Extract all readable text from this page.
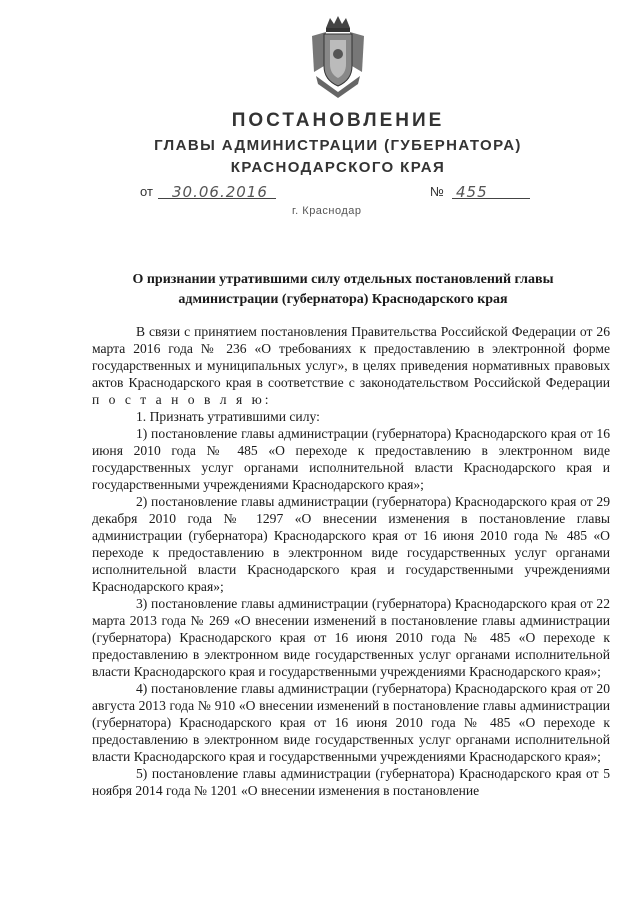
ПОСТАНОВЛЕНИЕ
ГЛАВЫ АДМИНИСТРАЦИИ (ГУБЕРНАТОРА)
КРАСНОДАРСКОГО КРАЯ
от	30.06.2016	№ 455
г. Краснодар
О признании утратившими силу отдельных постановлений главы администрации (губернатора) Краснодарского края

В связи с принятием постановления Правительства Российской Федерации от 26 марта 2016 года № 236 «О требованиях к предоставлению в электронной форме государственных и муниципальных услуг», в целях приведения нормативных правовых актов Краснодарского края в соответствие с законодательством Российской Федерации п о с т а н о в л я ю:

1. Признать утратившими силу:

1) постановление главы администрации (губернатора) Краснодарского края от 16 июня 2010 года № 485 «О переходе к предоставлению в электронном виде государственных услуг органами исполнительной власти Краснодарского края и государственными учреждениями Краснодарского края»;

2) постановление главы администрации (губернатора) Краснодарского края от 29 декабря 2010 года № 1297 «О внесении изменения в постановление главы администрации (губернатора) Краснодарского края от 16 июня 2010 года № 485 «О переходе к предоставлению в электронном виде государственных услуг органами исполнительной власти Краснодарского края и государственными учреждениями Краснодарского края»;

3) постановление главы администрации (губернатора) Краснодарского края от 22 марта 2013 года № 269 «О внесении изменений в постановление главы администрации (губернатора) Краснодарского края от 16 июня 2010 года № 485 «О переходе к предоставлению в электронном виде государственных услуг органами исполнительной власти Краснодарского края и государственными учреждениями Краснодарского края»;

4) постановление главы администрации (губернатора) Краснодарского края от 20 августа 2013 года № 910 «О внесении изменений в постановление главы администрации (губернатора) Краснодарского края от 16 июня 2010 года № 485 «О переходе к предоставлению в электронном виде государственных услуг органами исполнительной власти Краснодарского края и государственными учреждениями Краснодарского края»;

5) постановление главы администрации (губернатора) Краснодарского края от 5 ноября 2014 года № 1201 «О внесении изменения в постановление
